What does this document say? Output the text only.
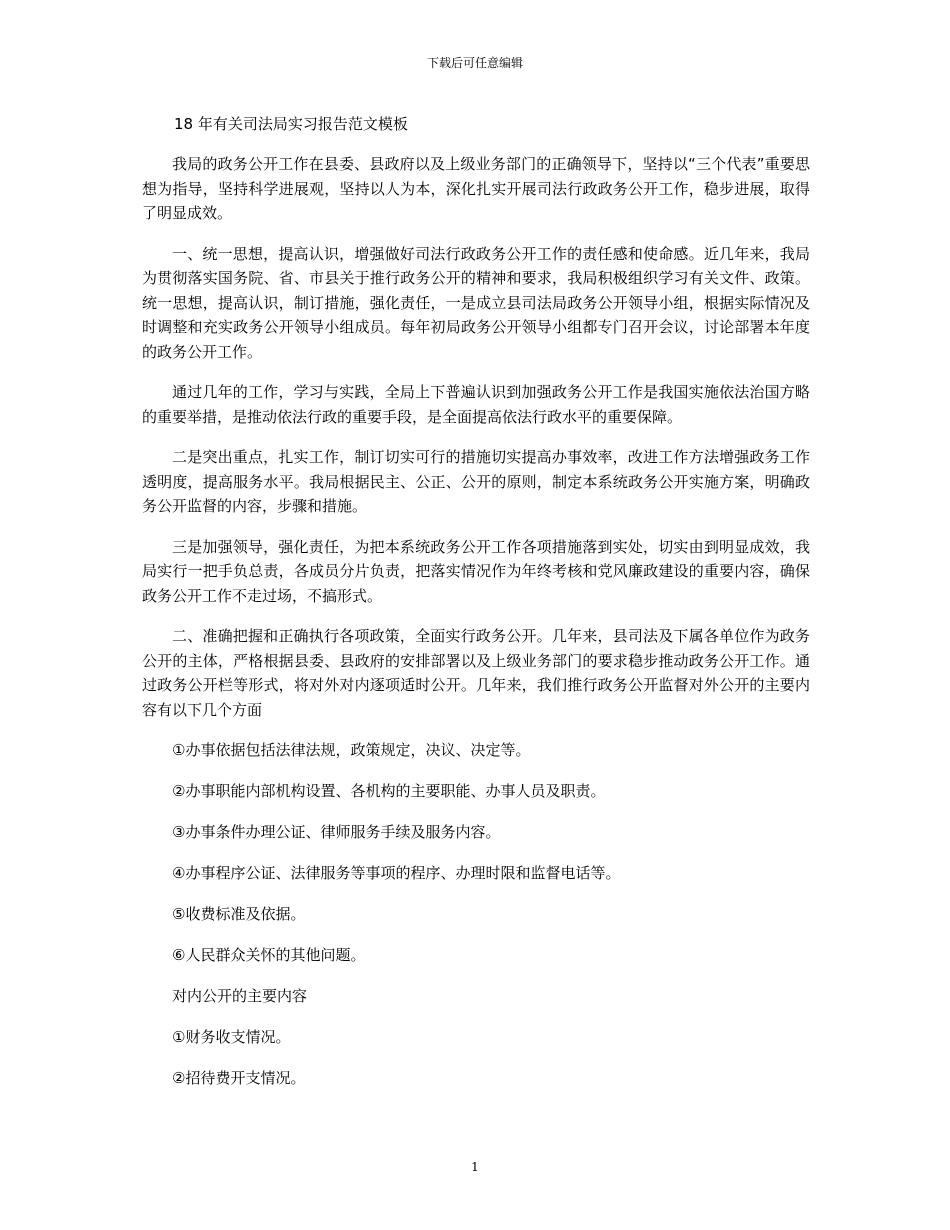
下载后可任意编辑

18 年有关司法局实习报告范文模板

我局的政务公开工作在县委、县政府以及上级业务部门的正确领导下，坚持以“三个代表”重要思想为指导，坚持科学进展观，坚持以人为本，深化扎实开展司法行政政务公开工作，稳步进展，取得了明显成效。

一、统一思想，提高认识，增强做好司法行政政务公开工作的责任感和使命感。近几年来，我局为贯彻落实国务院、省、市县关于推行政务公开的精神和要求，我局积极组织学习有关文件、政策。统一思想，提高认识，制订措施，强化责任，一是成立县司法局政务公开领导小组，根据实际情况及时调整和充实政务公开领导小组成员。每年初局政务公开领导小组都专门召开会议，讨论部署本年度的政务公开工作。

通过几年的工作，学习与实践，全局上下普遍认识到加强政务公开工作是我国实施依法治国方略的重要举措，是推动依法行政的重要手段，是全面提高依法行政水平的重要保障。

二是突出重点，扎实工作，制订切实可行的措施切实提高办事效率，改进工作方法增强政务工作透明度，提高服务水平。我局根据民主、公正、公开的原则，制定本系统政务公开实施方案，明确政务公开监督的内容，步骤和措施。

三是加强领导，强化责任，为把本系统政务公开工作各项措施落到实处，切实由到明显成效，我局实行一把手负总责，各成员分片负责，把落实情况作为年终考核和党风廉政建设的重要内容，确保政务公开工作不走过场，不搞形式。

二、准确把握和正确执行各项政策，全面实行政务公开。几年来，县司法及下属各单位作为政务公开的主体，严格根据县委、县政府的安排部署以及上级业务部门的要求稳步推动政务公开工作。通过政务公开栏等形式，将对外对内逐项适时公开。几年来，我们推行政务公开监督对外公开的主要内容有以下几个方面

①办事依据包括法律法规，政策规定，决议、决定等。

②办事职能内部机构设置、各机构的主要职能、办事人员及职责。

③办事条件办理公证、律师服务手续及服务内容。

④办事程序公证、法律服务等事项的程序、办理时限和监督电话等。

⑤收费标准及依据。

⑥人民群众关怀的其他问题。

对内公开的主要内容

①财务收支情况。

②招待费开支情况。

1
